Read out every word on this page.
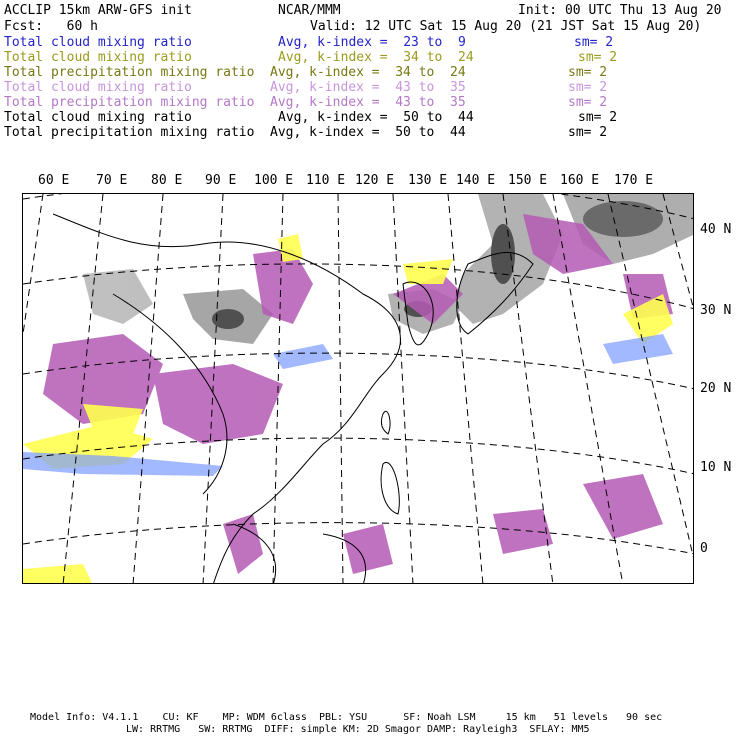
ACCLIP 15km ARW-GFS init	NCAR/MMM	Init: 00 UTC Thu 13 Aug 20
Fcst:   60 h	Valid: 12 UTC Sat 15 Aug 20 (21 JST Sat 15 Aug 20)
Total cloud mixing ratio	Avg, k-index =  23 to  9	sm= 2
Total cloud mixing ratio	Avg, k-index =  34 to  24	sm= 2
Total precipitation mixing ratio Avg, k-index =  34 to  24	sm= 2
Total cloud mixing ratio	Avg, k-index =  43 to  35	sm= 2
Total precipitation mixing ratio Avg, k-index =  43 to  35	sm= 2
Total cloud mixing ratio	Avg, k-index =  50 to  44	sm= 2
Total precipitation mixing ratio Avg, k-index =  50 to  44	sm= 2
60 E 70 E 80 E 90 E 100 E 110 E 120 E 130 E 140 E 150 E 160 E 170 E
40 N
30 N
20 N
10 N
0
Model Info: V4.1.1    CU: KF    MP: WDM 6class  PBL: YSU      SF: Noah LSM     15 km   51 levels   90 sec
LW: RRTMG   SW: RRTMG  DIFF: simple KM: 2D Smagor DAMP: Rayleigh3  SFLAY: MM5
